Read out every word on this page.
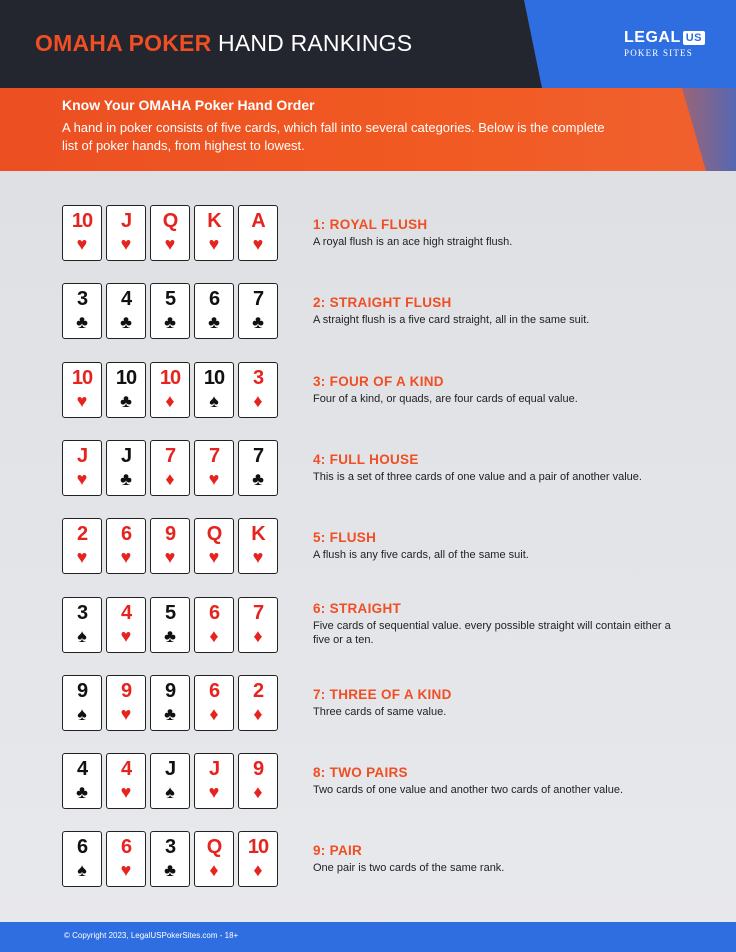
OMAHA POKER HAND RANKINGS	LEGAL US
POKER SITES
Know Your OMAHA Poker Hand Order

A hand in poker consists of five cards, which fall into several categories. Below is the complete list of poker hands, from highest to lowest.

10
♥
J
♥
Q
♥
K
♥
A
♥
1: ROYAL FLUSH
A royal flush is an ace high straight flush.
3
♣
4
♣
5
♣
6
♣
7
♣
2: STRAIGHT FLUSH
A straight flush is a five card straight, all in the same suit.
10
♥
10
♣
10
♦
10
♠
3
♦
3: FOUR OF A KIND
Four of a kind, or quads, are four cards of equal value.
J
♥
J
♣
7
♦
7
♥
7
♣
4: FULL HOUSE
This is a set of three cards of one value and a pair of another value.
2
♥
6
♥
9
♥
Q
♥
K
♥
5: FLUSH
A flush is any five cards, all of the same suit.
3
♠
4
♥
5
♣
6
♦
7
♦
6: STRAIGHT
Five cards of sequential value. every possible straight will contain either a five or a ten.
9
♠
9
♥
9
♣
6
♦
2
♦
7: THREE OF A KIND
Three cards of same value.
4
♣
4
♥
J
♠
J
♥
9
♦
8: TWO PAIRS
Two cards of one value and another two cards of another value.
6
♠
6
♥
3
♣
Q
♦
10
♦
9: PAIR
One pair is two cards of the same rank.
© Copyright 2023, LegalUSPokerSites.com - 18+
